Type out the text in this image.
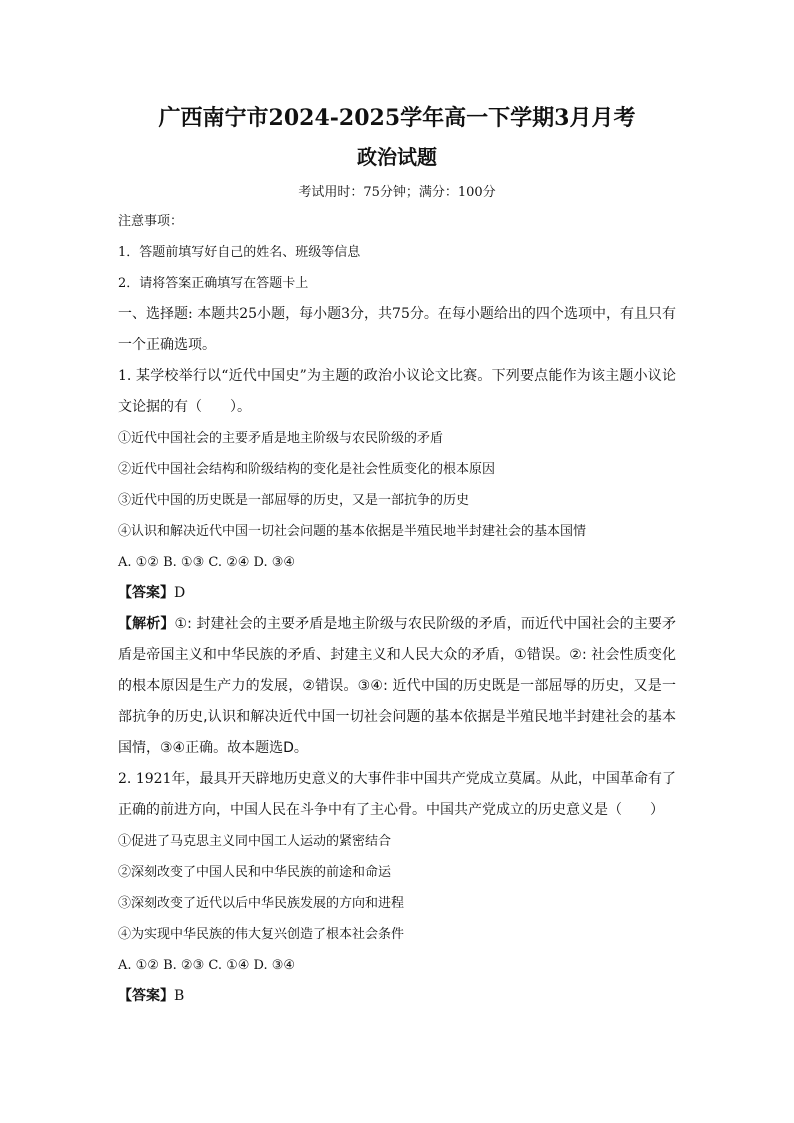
广西南宁市2024-2025学年高一下学期3月月考
政治试题

考试用时：75分钟；满分：100分

注意事项：

1．答题前填写好自己的姓名、班级等信息

2．请将答案正确填写在答题卡上

一、选择题: 本题共25小题，每小题3分，共75分。在每小题给出的四个选项中，有且只有一个正确选项。

1. 某学校举行以“近代中国史”为主题的政治小议论文比赛。下列要点能作为该主题小议论文论据的有（　　）。

①近代中国社会的主要矛盾是地主阶级与农民阶级的矛盾

②近代中国社会结构和阶级结构的变化是社会性质变化的根本原因

③近代中国的历史既是一部屈辱的历史，又是一部抗争的历史

④认识和解决近代中国一切社会问题的基本依据是半殖民地半封建社会的基本国情

A. ①② B. ①③ C. ②④ D. ③④

【答案】D

【解析】①: 封建社会的主要矛盾是地主阶级与农民阶级的矛盾，而近代中国社会的主要矛盾是帝国主义和中华民族的矛盾、封建主义和人民大众的矛盾，①错误。②: 社会性质变化的根本原因是生产力的发展，②错误。③④: 近代中国的历史既是一部屈辱的历史，又是一部抗争的历史,认识和解决近代中国一切社会问题的基本依据是半殖民地半封建社会的基本国情，③④正确。故本题选D。

2. 1921年，最具开天辟地历史意义的大事件非中国共产党成立莫属。从此，中国革命有了正确的前进方向，中国人民在斗争中有了主心骨。中国共产党成立的历史意义是（　　）

①促进了马克思主义同中国工人运动的紧密结合

②深刻改变了中国人民和中华民族的前途和命运

③深刻改变了近代以后中华民族发展的方向和进程

④为实现中华民族的伟大复兴创造了根本社会条件

A. ①② B. ②③ C. ①④ D. ③④

【答案】B
